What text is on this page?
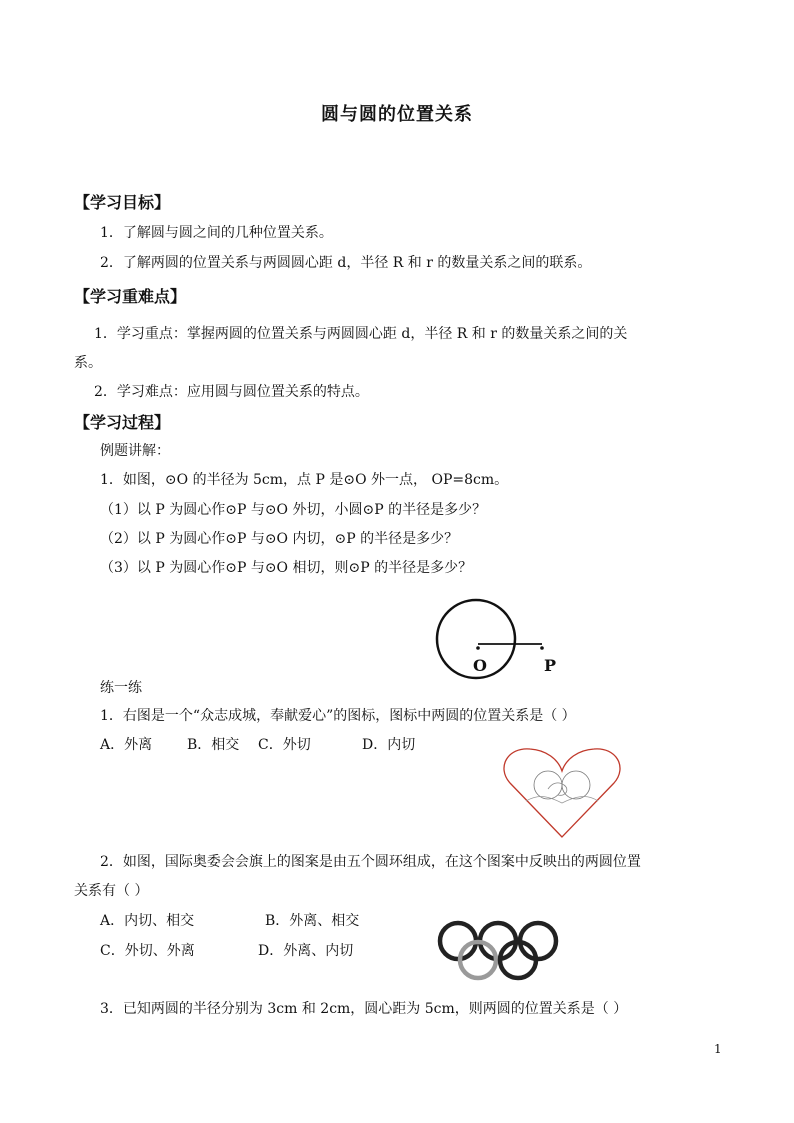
圆与圆的位置关系
【学习目标】
1．了解圆与圆之间的几种位置关系。
2．了解两圆的位置关系与两圆圆心距 d，半径 R 和 r 的数量关系之间的联系。
【学习重难点】
1．学习重点：掌握两圆的位置关系与两圆圆心距 d，半径 R 和 r 的数量关系之间的关
系。
2．学习难点：应用圆与圆位置关系的特点。
【学习过程】
例题讲解：
1．如图，⊙O 的半径为 5cm，点 P 是⊙O 外一点， OP=8cm。
（1）以 P 为圆心作⊙P 与⊙O 外切，小圆⊙P 的半径是多少？
（2）以 P 为圆心作⊙P 与⊙O 内切，⊙P 的半径是多少？
（3）以 P 为圆心作⊙P 与⊙O 相切，则⊙P 的半径是多少？
O	P
练一练
1．右图是一个“众志成城，奉献爱心”的图标，图标中两圆的位置关系是（ ）
A．外离 B．相交 C．外切	D．内切
2．如图，国际奥委会会旗上的图案是由五个圆环组成，在这个图案中反映出的两圆位置
关系有（ ）
A．内切、相交	B．外离、相交
C．外切、外离	D．外离、内切
3．已知两圆的半径分别为 3cm 和 2cm，圆心距为 5cm，则两圆的位置关系是（ ）
1
